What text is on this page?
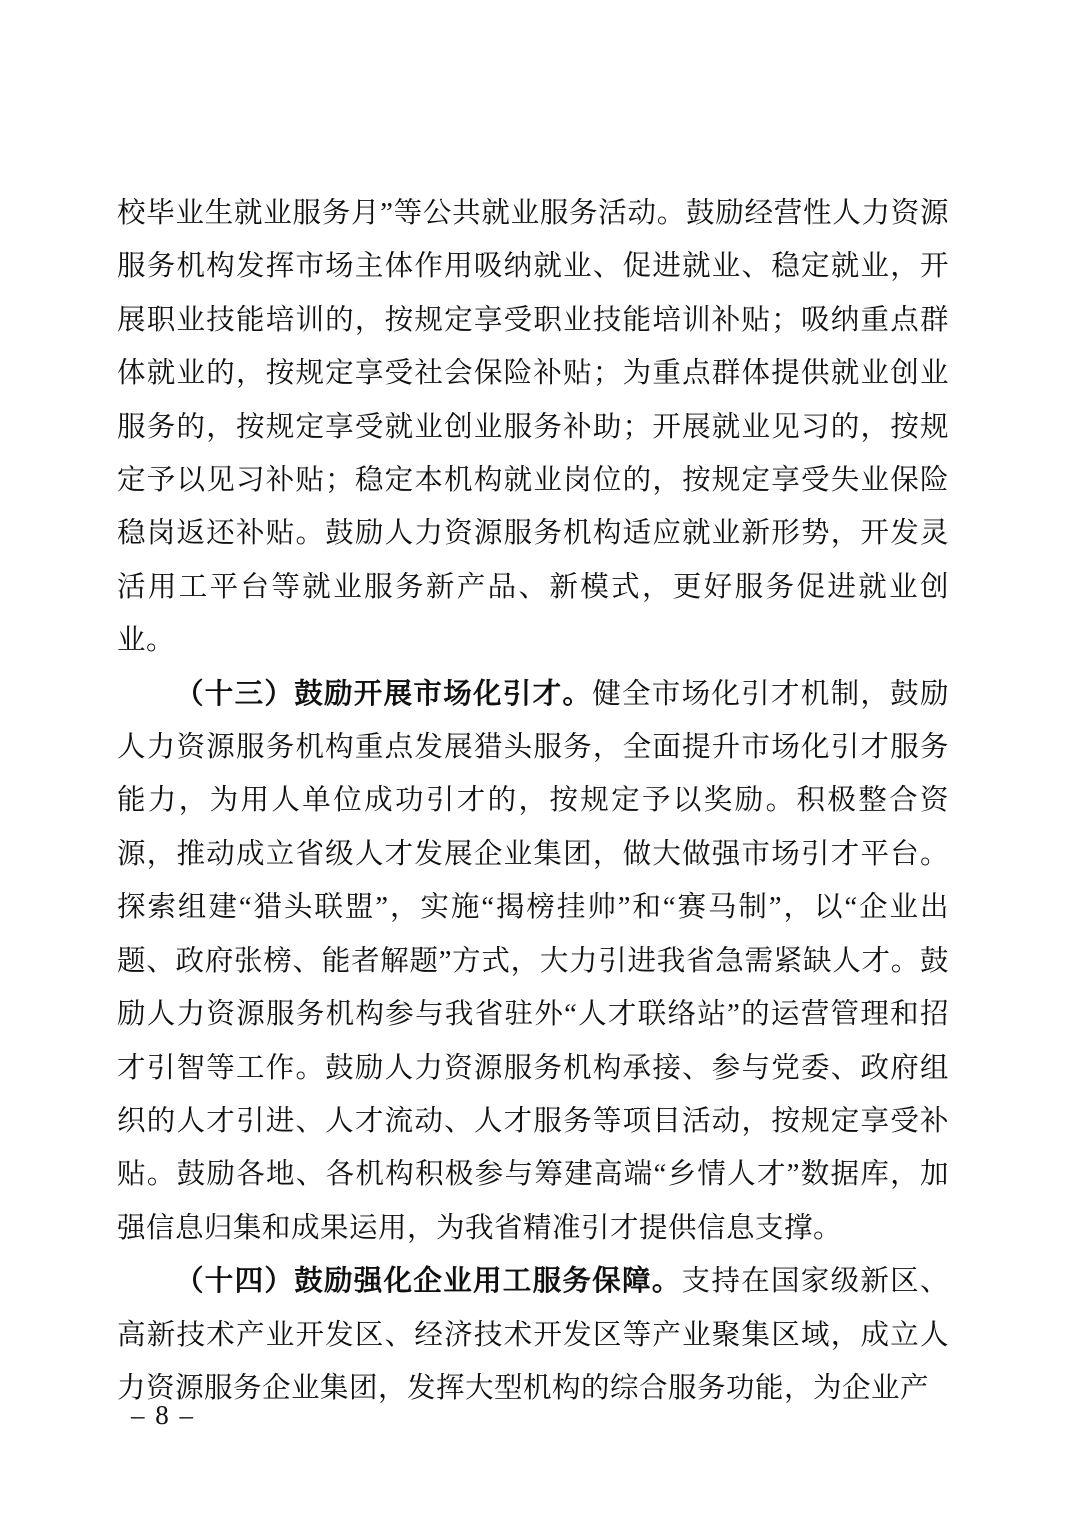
校毕业生就业服务月”等公共就业服务活动。鼓励经营性人力资源服务机构发挥市场主体作用吸纳就业、促进就业、稳定就业，开展职业技能培训的，按规定享受职业技能培训补贴；吸纳重点群体就业的，按规定享受社会保险补贴；为重点群体提供就业创业服务的，按规定享受就业创业服务补助；开展就业见习的，按规定予以见习补贴；稳定本机构就业岗位的，按规定享受失业保险稳岗返还补贴。鼓励人力资源服务机构适应就业新形势，开发灵活用工平台等就业服务新产品、新模式，更好服务促进就业创业。

（十三）鼓励开展市场化引才。健全市场化引才机制，鼓励人力资源服务机构重点发展猎头服务，全面提升市场化引才服务能力，为用人单位成功引才的，按规定予以奖励。积极整合资源，推动成立省级人才发展企业集团，做大做强市场引才平台。探索组建“猎头联盟”，实施“揭榜挂帅”和“赛马制”，以“企业出题、政府张榜、能者解题”方式，大力引进我省急需紧缺人才。鼓励人力资源服务机构参与我省驻外“人才联络站”的运营管理和招才引智等工作。鼓励人力资源服务机构承接、参与党委、政府组织的人才引进、人才流动、人才服务等项目活动，按规定享受补贴。鼓励各地、各机构积极参与筹建高端“乡情人才”数据库，加强信息归集和成果运用，为我省精准引才提供信息支撑。

（十四）鼓励强化企业用工服务保障。支持在国家级新区、高新技术产业开发区、经济技术开发区等产业聚集区域，成立人力资源服务企业集团，发挥大型机构的综合服务功能，为企业产

– 8 –
